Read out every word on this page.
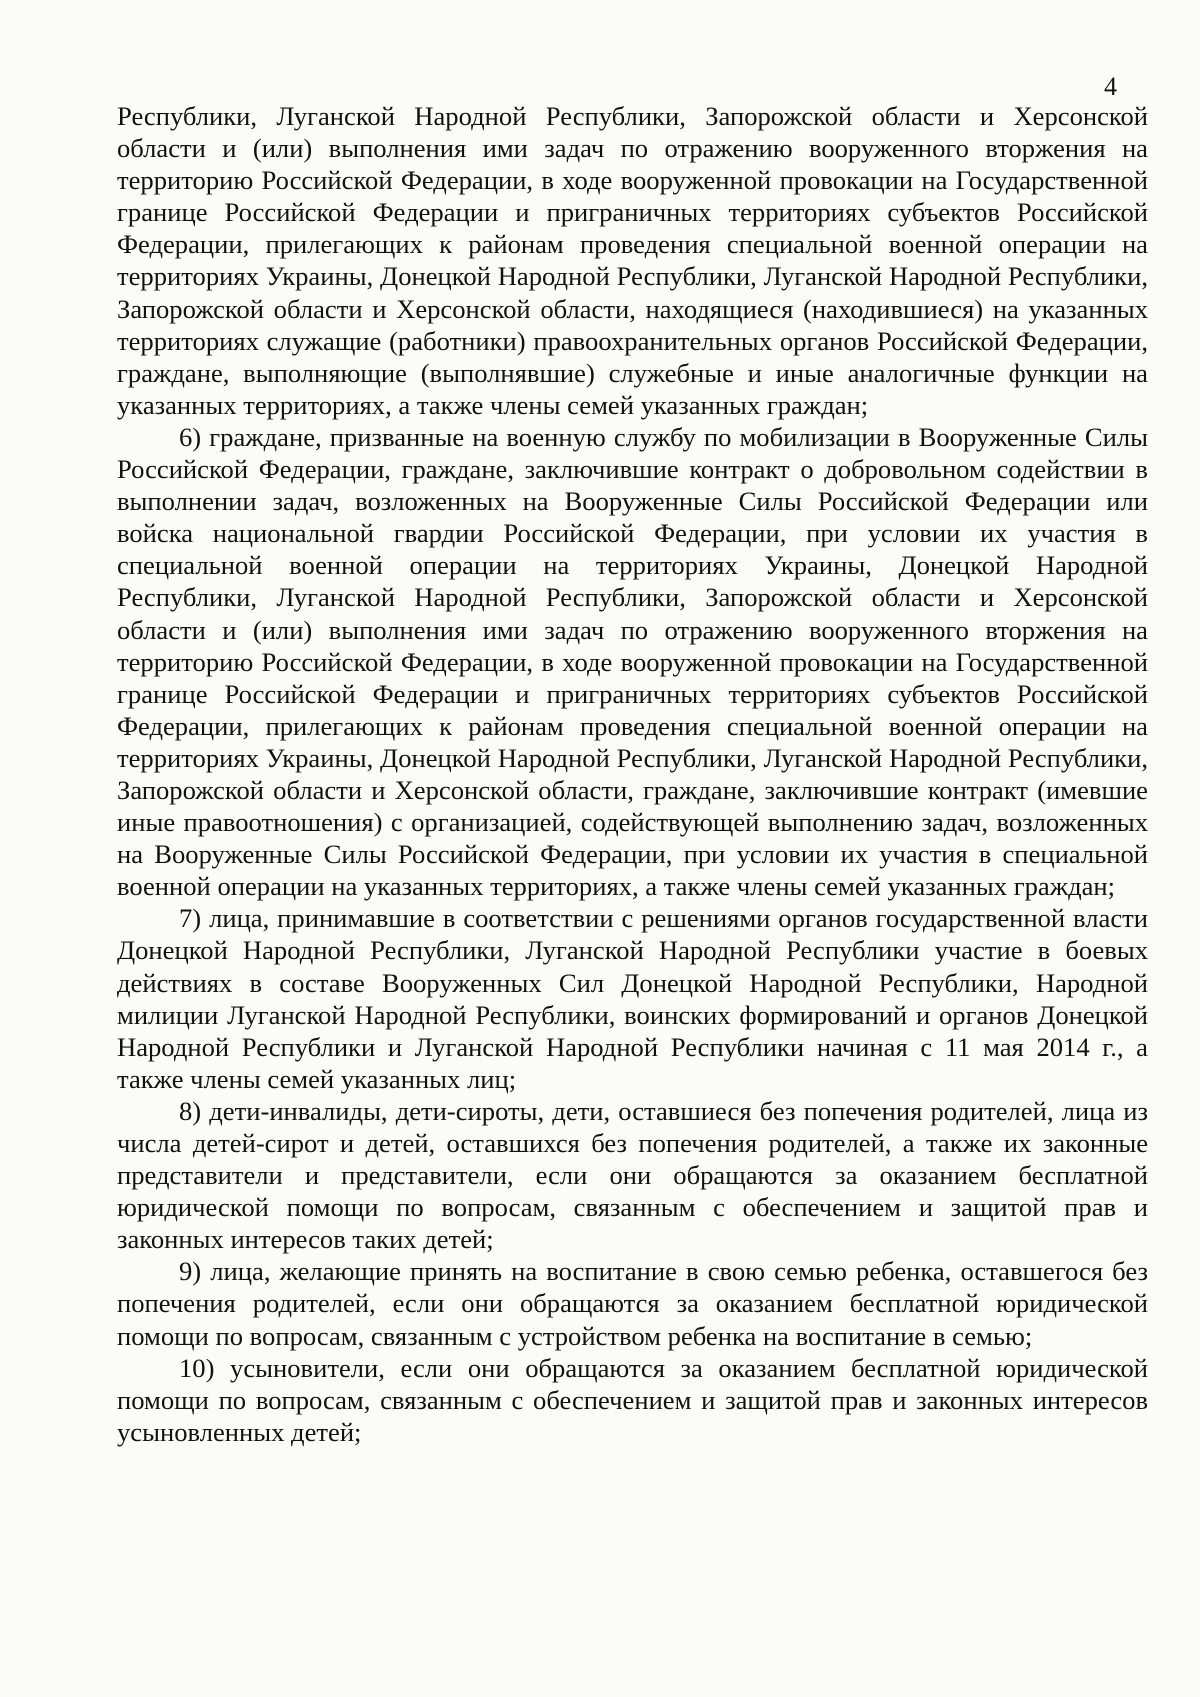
4

Республики, Луганской Народной Республики, Запорожской области и Херсонской области и (или) выполнения ими задач по отражению вооруженного вторжения на территорию Российской Федерации, в ходе вооруженной провокации на Государственной границе Российской Федерации и приграничных территориях субъектов Российской Федерации, прилегающих к районам проведения специальной военной операции на территориях Украины, Донецкой Народной Республики, Луганской Народной Республики, Запорожской области и Херсонской области, находящиеся (находившиеся) на указанных территориях служащие (работники) правоохранительных органов Российской Федерации, граждане, выполняющие (выполнявшие) служебные и иные аналогичные функции на указанных территориях, а также члены семей указанных граждан;

6) граждане, призванные на военную службу по мобилизации в Вооруженные Силы Российской Федерации, граждане, заключившие контракт о добровольном содействии в выполнении задач, возложенных на Вооруженные Силы Российской Федерации или войска национальной гвардии Российской Федерации, при условии их участия в специальной военной операции на территориях Украины, Донецкой Народной Республики, Луганской Народной Республики, Запорожской области и Херсонской области и (или) выполнения ими задач по отражению вооруженного вторжения на территорию Российской Федерации, в ходе вооруженной провокации на Государственной границе Российской Федерации и приграничных территориях субъектов Российской Федерации, прилегающих к районам проведения специальной военной операции на территориях Украины, Донецкой Народной Республики, Луганской Народной Республики, Запорожской области и Херсонской области, граждане, заключившие контракт (имевшие иные правоотношения) с организацией, содействующей выполнению задач, возложенных на Вооруженные Силы Российской Федерации, при условии их участия в специальной военной операции на указанных территориях, а также члены семей указанных граждан;

7) лица, принимавшие в соответствии с решениями органов государственной власти Донецкой Народной Республики, Луганской Народной Республики участие в боевых действиях в составе Вооруженных Сил Донецкой Народной Республики, Народной милиции Луганской Народной Республики, воинских формирований и органов Донецкой Народной Республики и Луганской Народной Республики начиная с 11 мая 2014 г., а также члены семей указанных лиц;

8) дети-инвалиды, дети-сироты, дети, оставшиеся без попечения родителей, лица из числа детей-сирот и детей, оставшихся без попечения родителей, а также их законные представители и представители, если они обращаются за оказанием бесплатной юридической помощи по вопросам, связанным с обеспечением и защитой прав и законных интересов таких детей;

9) лица, желающие принять на воспитание в свою семью ребенка, оставшегося без попечения родителей, если они обращаются за оказанием бесплатной юридической помощи по вопросам, связанным с устройством ребенка на воспитание в семью;

10) усыновители, если они обращаются за оказанием бесплатной юридической помощи по вопросам, связанным с обеспечением и защитой прав и законных интересов усыновленных детей;
